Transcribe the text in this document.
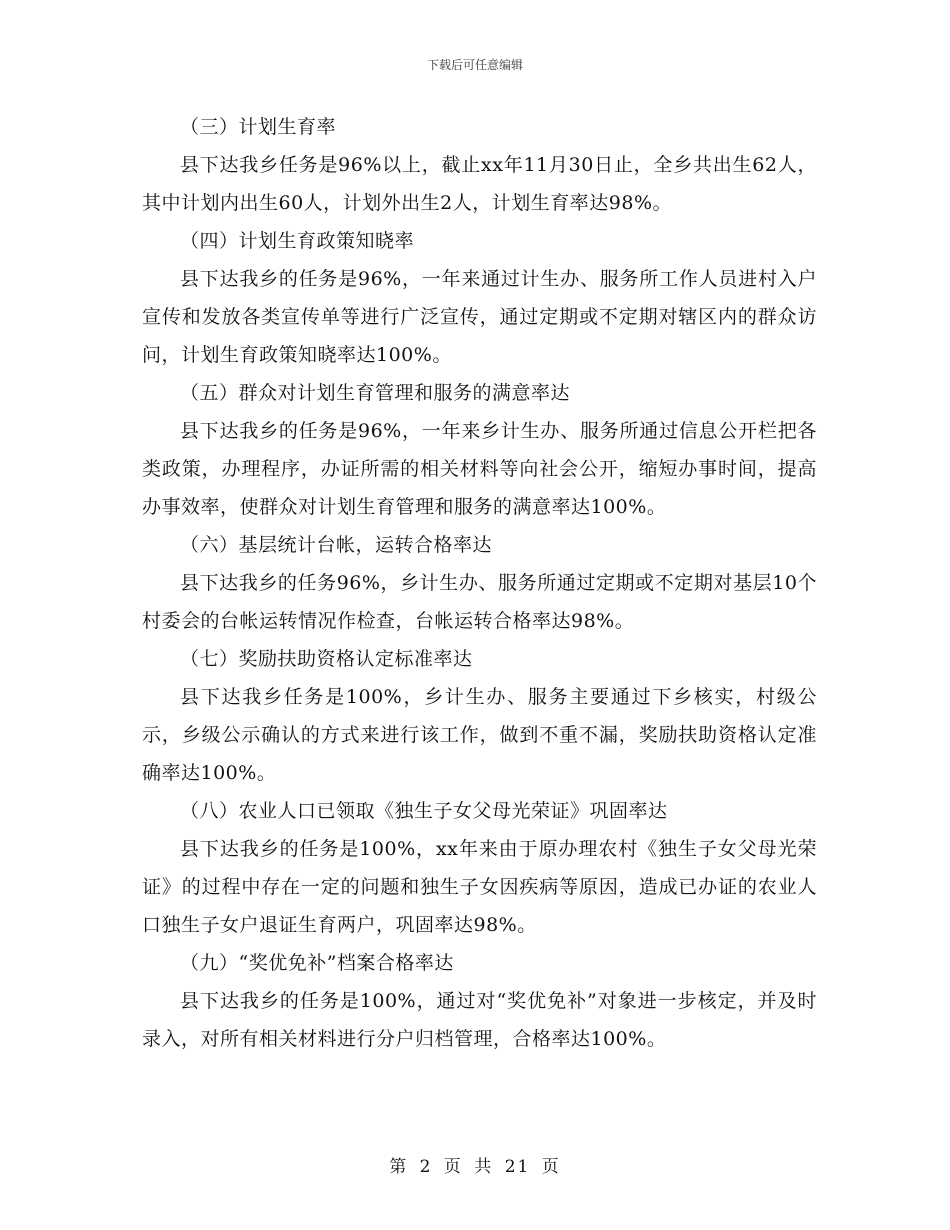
下载后可任意编辑

（三）计划生育率

县下达我乡任务是96%以上，截止xx年11月30日止，全乡共出生62人，其中计划内出生60人，计划外出生2人，计划生育率达98%。

（四）计划生育政策知晓率

县下达我乡的任务是96%，一年来通过计生办、服务所工作人员进村入户宣传和发放各类宣传单等进行广泛宣传，通过定期或不定期对辖区内的群众访问，计划生育政策知晓率达100%。

（五）群众对计划生育管理和服务的满意率达

县下达我乡的任务是96%，一年来乡计生办、服务所通过信息公开栏把各类政策，办理程序，办证所需的相关材料等向社会公开，缩短办事时间，提高办事效率，使群众对计划生育管理和服务的满意率达100%。

（六）基层统计台帐，运转合格率达

县下达我乡的任务96%，乡计生办、服务所通过定期或不定期对基层10个村委会的台帐运转情况作检查，台帐运转合格率达98%。

（七）奖励扶助资格认定标准率达

县下达我乡任务是100%，乡计生办、服务主要通过下乡核实，村级公示，乡级公示确认的方式来进行该工作，做到不重不漏，奖励扶助资格认定准确率达100%。

（八）农业人口已领取《独生子女父母光荣证》巩固率达

县下达我乡的任务是100%，xx年来由于原办理农村《独生子女父母光荣证》的过程中存在一定的问题和独生子女因疾病等原因，造成已办证的农业人口独生子女户退证生育两户，巩固率达98%。

（九）“奖优免补”档案合格率达

县下达我乡的任务是100%，通过对“奖优免补”对象进一步核定，并及时录入，对所有相关材料进行分户归档管理，合格率达100%。

第 2 页 共 21 页
